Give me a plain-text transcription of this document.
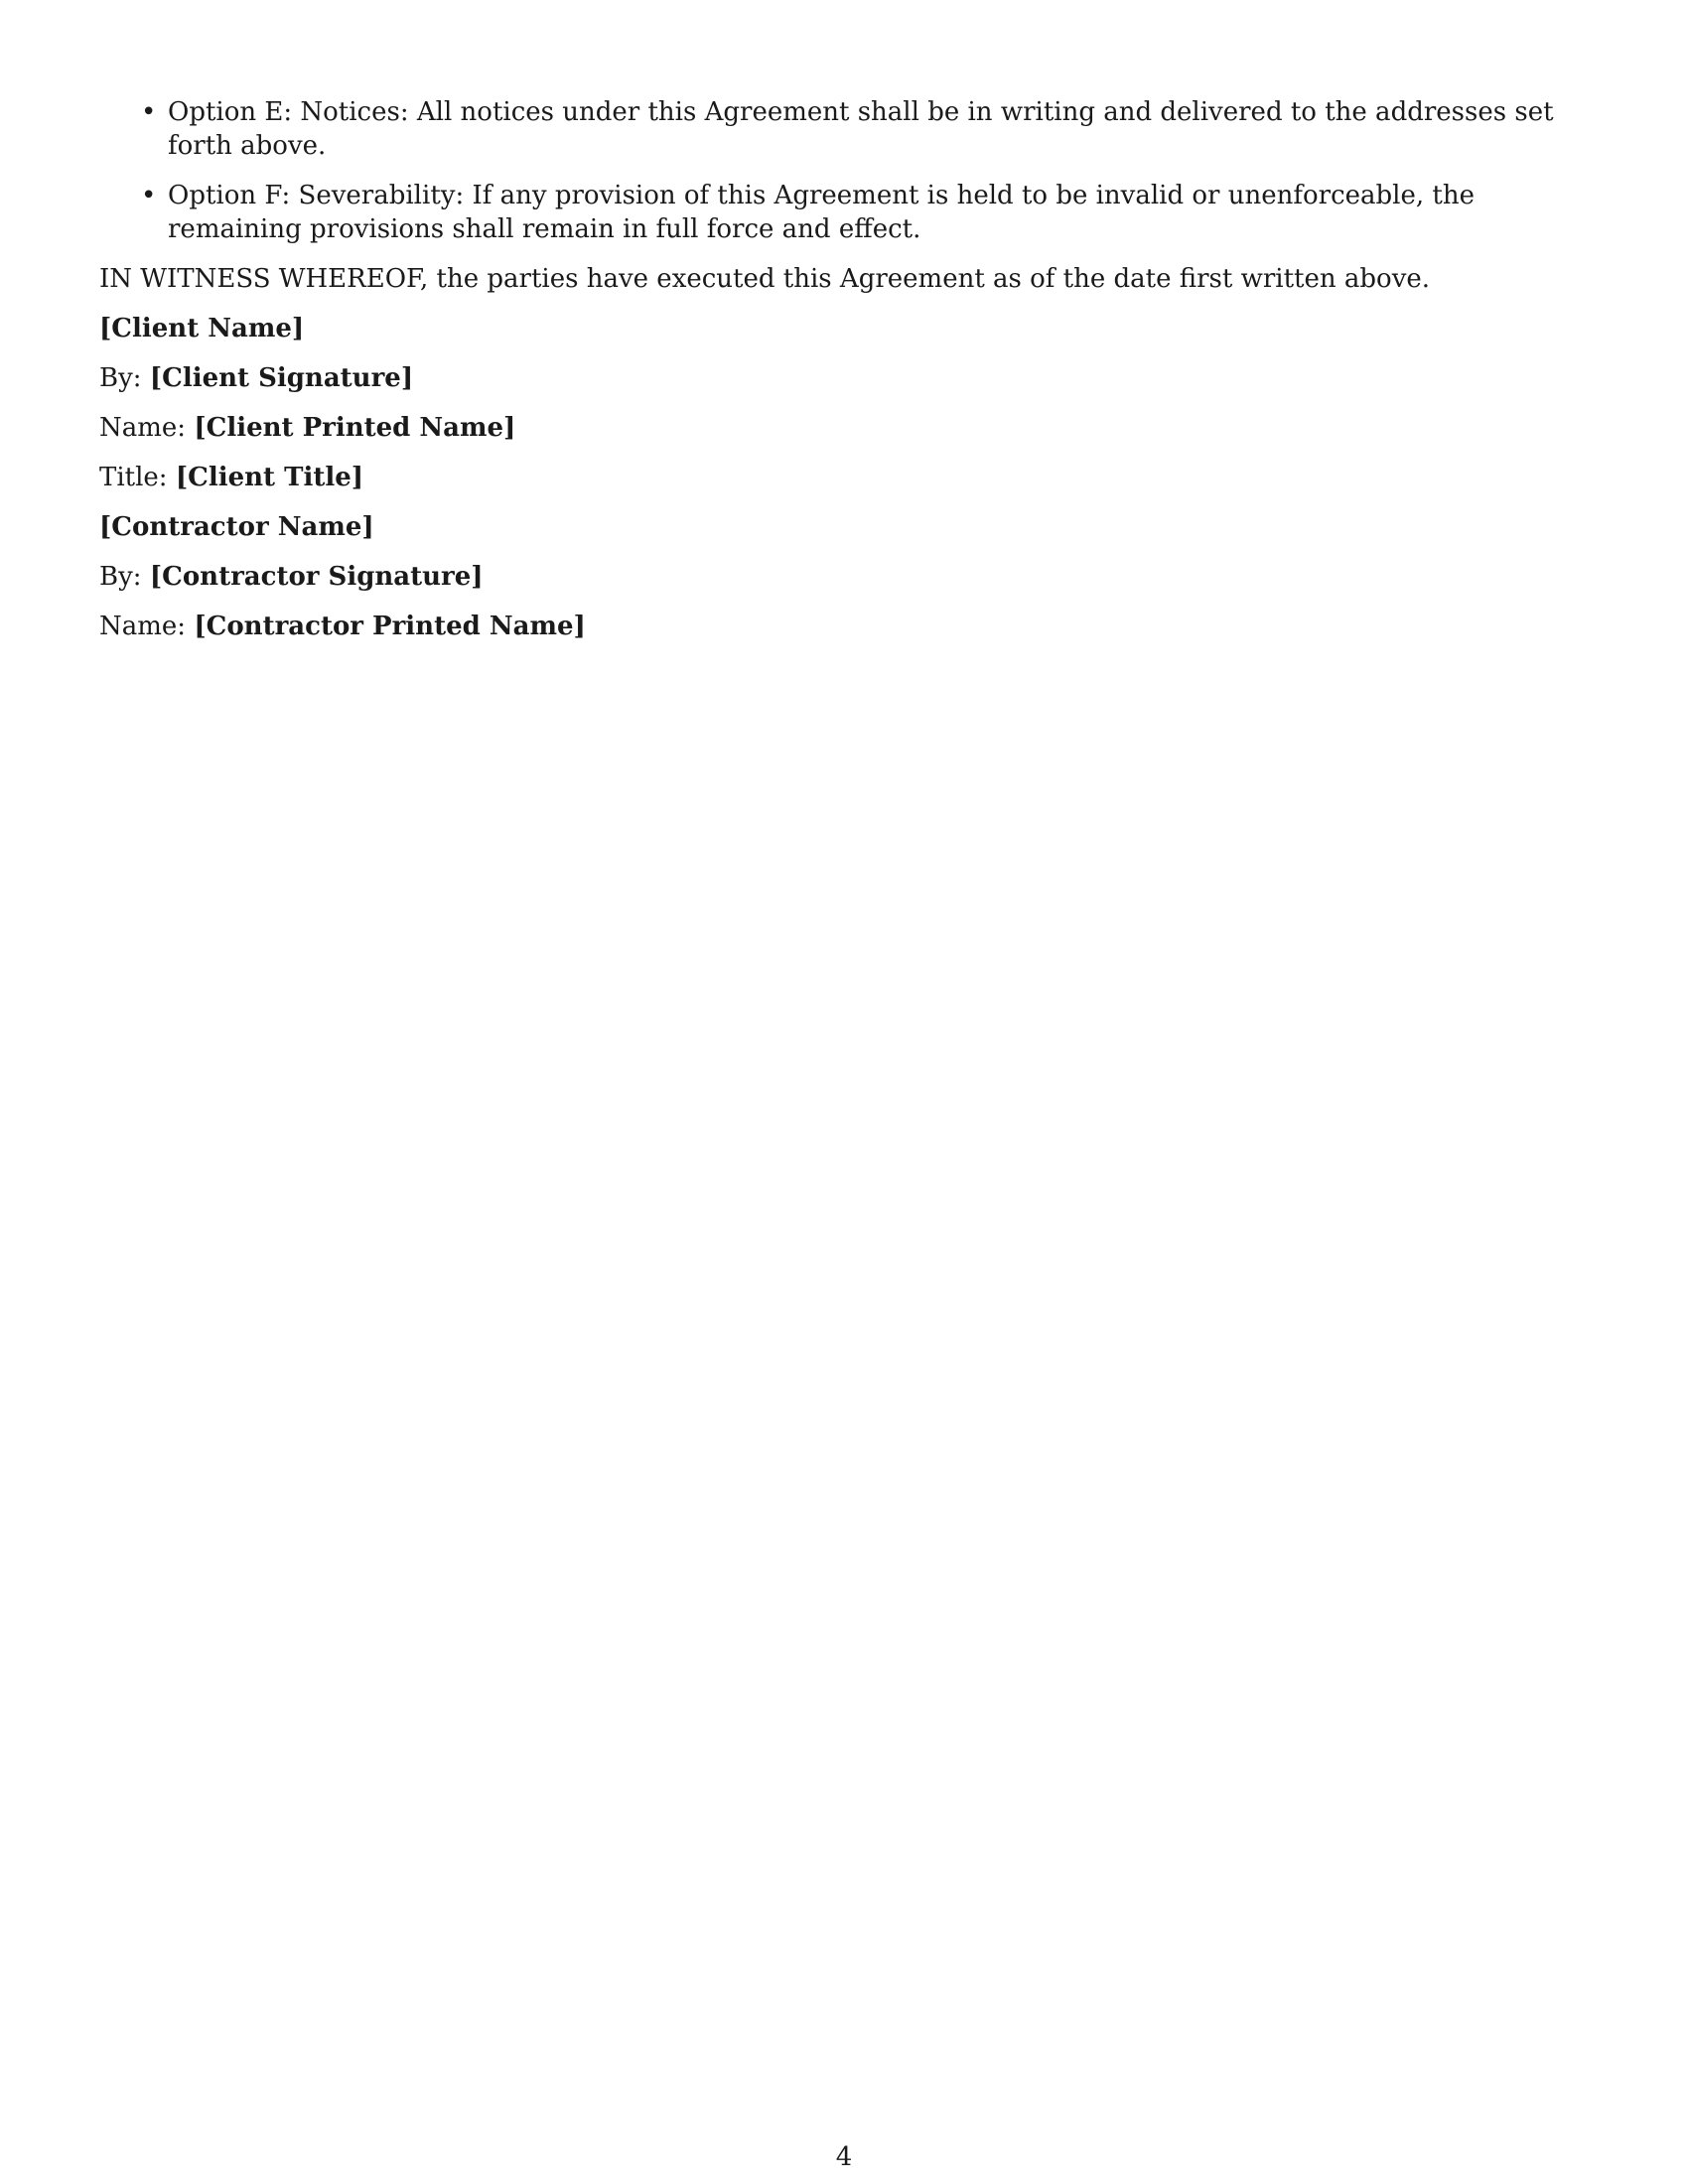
• Option E: Notices: All notices under this Agreement shall be in writing and delivered to the addresses set forth above.
• Option F: Severability: If any provision of this Agreement is held to be invalid or unenforceable, the remaining provisions shall remain in full force and effect.

IN WITNESS WHEREOF, the parties have executed this Agreement as of the date first written above.

[Client Name]

By: [Client Signature]

Name: [Client Printed Name]

Title: [Client Title]

[Contractor Name]

By: [Contractor Signature]

Name: [Contractor Printed Name]

4
